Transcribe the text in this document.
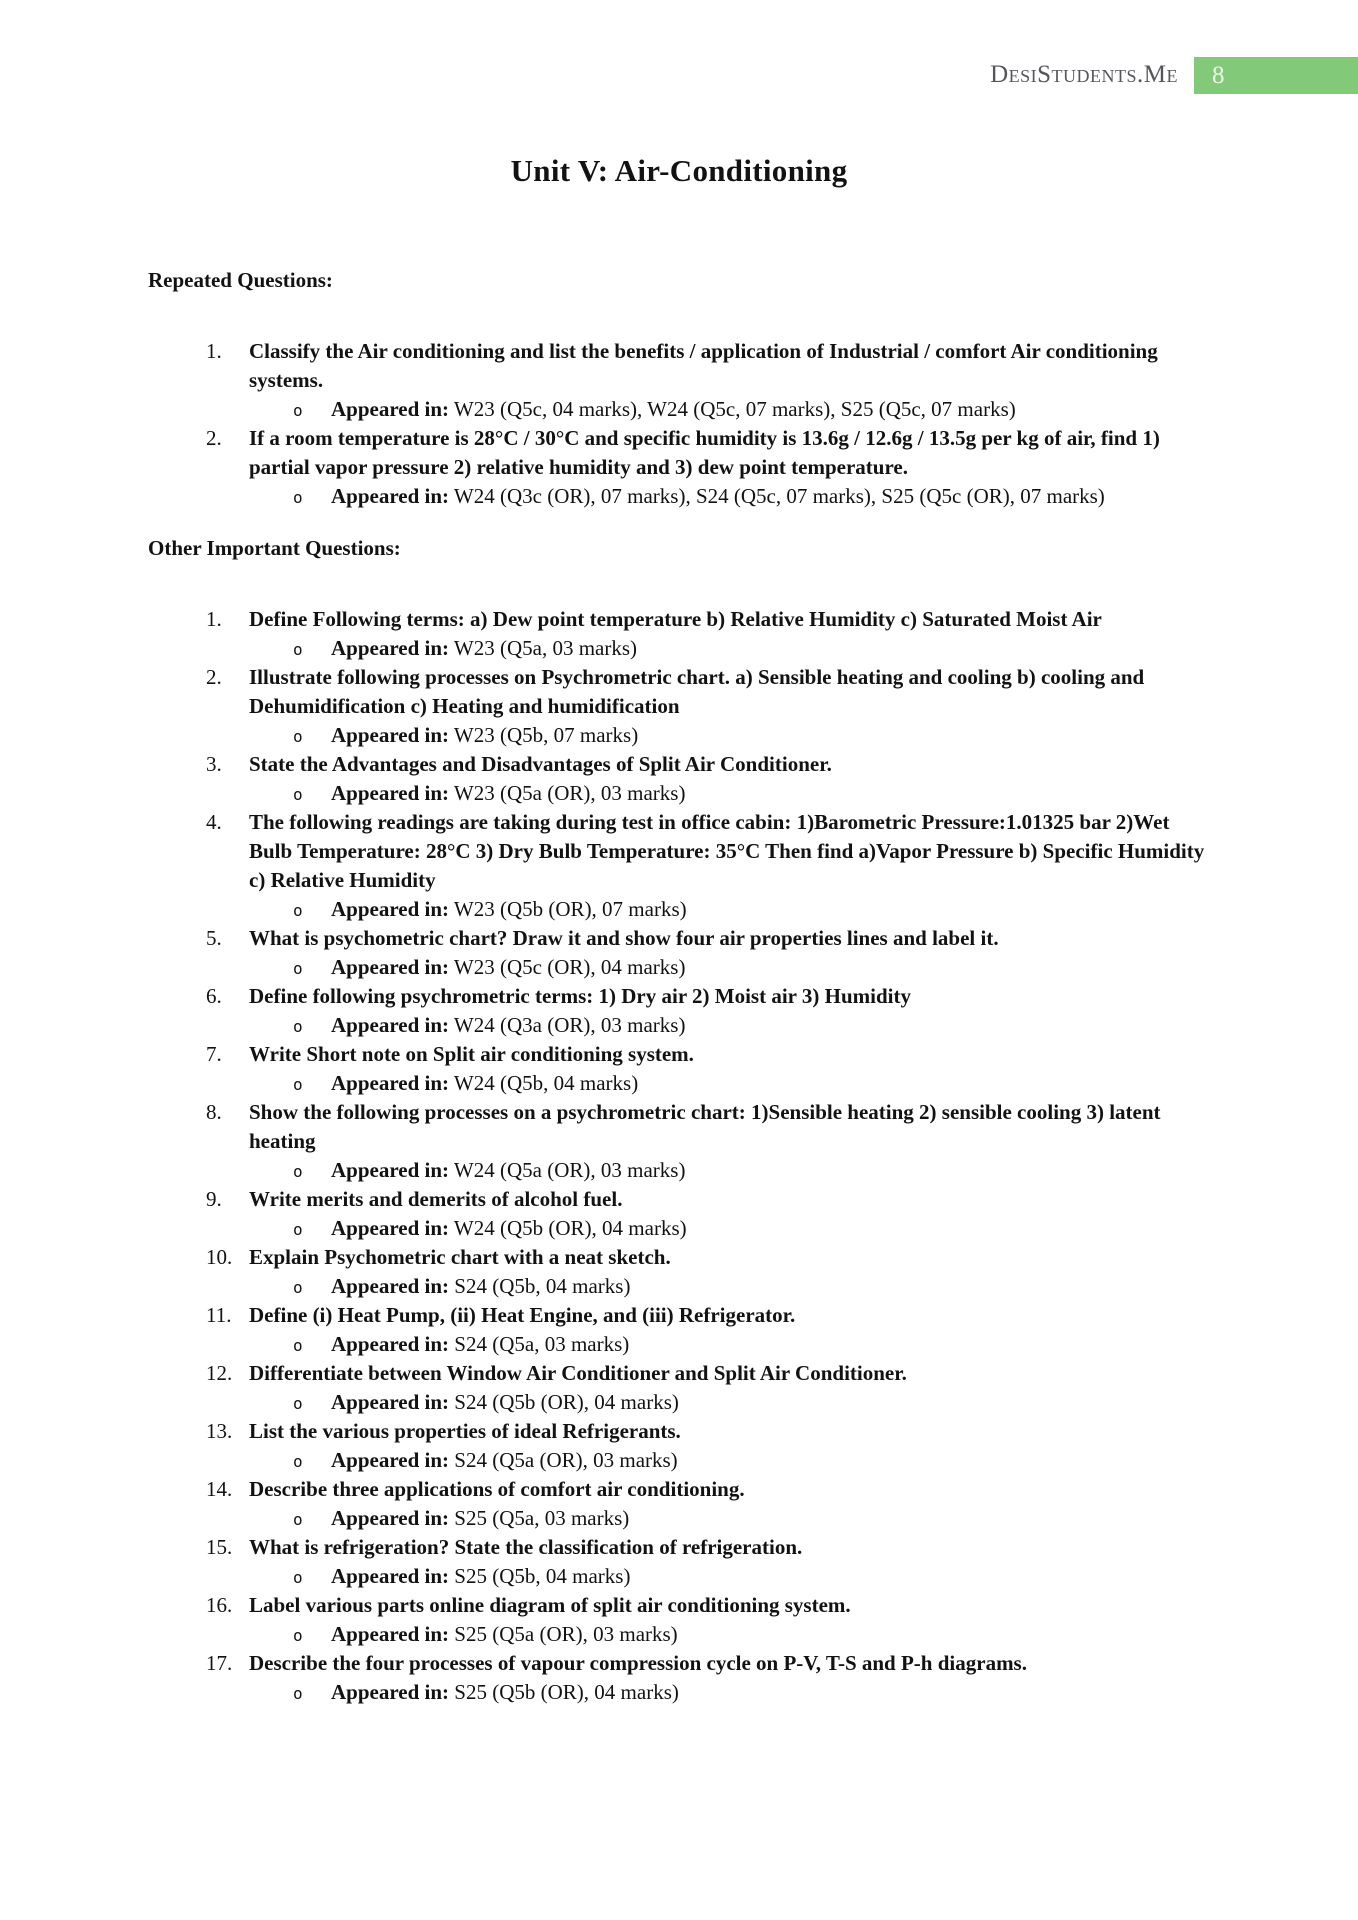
DesiStudents.Me 8
Unit V: Air-Conditioning
Repeated Questions:
1. Classify the Air conditioning and list the benefits / application of Industrial / comfort Air conditioning systems.
o Appeared in: W23 (Q5c, 04 marks), W24 (Q5c, 07 marks), S25 (Q5c, 07 marks)
2. If a room temperature is 28°C / 30°C and specific humidity is 13.6g / 12.6g / 13.5g per kg of air, find 1) partial vapor pressure 2) relative humidity and 3) dew point temperature.
o Appeared in: W24 (Q3c (OR), 07 marks), S24 (Q5c, 07 marks), S25 (Q5c (OR), 07 marks)
Other Important Questions:
1. Define Following terms: a) Dew point temperature b) Relative Humidity c) Saturated Moist Air
o Appeared in: W23 (Q5a, 03 marks)
2. Illustrate following processes on Psychrometric chart. a) Sensible heating and cooling b) cooling and Dehumidification c) Heating and humidification
o Appeared in: W23 (Q5b, 07 marks)
3. State the Advantages and Disadvantages of Split Air Conditioner.
o Appeared in: W23 (Q5a (OR), 03 marks)
4. The following readings are taking during test in office cabin: 1)Barometric Pressure:1.01325 bar 2)Wet Bulb Temperature: 28°C 3) Dry Bulb Temperature: 35°C Then find a)Vapor Pressure b) Specific Humidity c) Relative Humidity
o Appeared in: W23 (Q5b (OR), 07 marks)
5. What is psychometric chart? Draw it and show four air properties lines and label it.
o Appeared in: W23 (Q5c (OR), 04 marks)
6. Define following psychrometric terms: 1) Dry air 2) Moist air 3) Humidity
o Appeared in: W24 (Q3a (OR), 03 marks)
7. Write Short note on Split air conditioning system.
o Appeared in: W24 (Q5b, 04 marks)
8. Show the following processes on a psychrometric chart: 1)Sensible heating 2) sensible cooling 3) latent heating
o Appeared in: W24 (Q5a (OR), 03 marks)
9. Write merits and demerits of alcohol fuel.
o Appeared in: W24 (Q5b (OR), 04 marks)
10. Explain Psychometric chart with a neat sketch.
o Appeared in: S24 (Q5b, 04 marks)
11. Define (i) Heat Pump, (ii) Heat Engine, and (iii) Refrigerator.
o Appeared in: S24 (Q5a, 03 marks)
12. Differentiate between Window Air Conditioner and Split Air Conditioner.
o Appeared in: S24 (Q5b (OR), 04 marks)
13. List the various properties of ideal Refrigerants.
o Appeared in: S24 (Q5a (OR), 03 marks)
14. Describe three applications of comfort air conditioning.
o Appeared in: S25 (Q5a, 03 marks)
15. What is refrigeration? State the classification of refrigeration.
o Appeared in: S25 (Q5b, 04 marks)
16. Label various parts online diagram of split air conditioning system.
o Appeared in: S25 (Q5a (OR), 03 marks)
17. Describe the four processes of vapour compression cycle on P-V, T-S and P-h diagrams.
o Appeared in: S25 (Q5b (OR), 04 marks)
